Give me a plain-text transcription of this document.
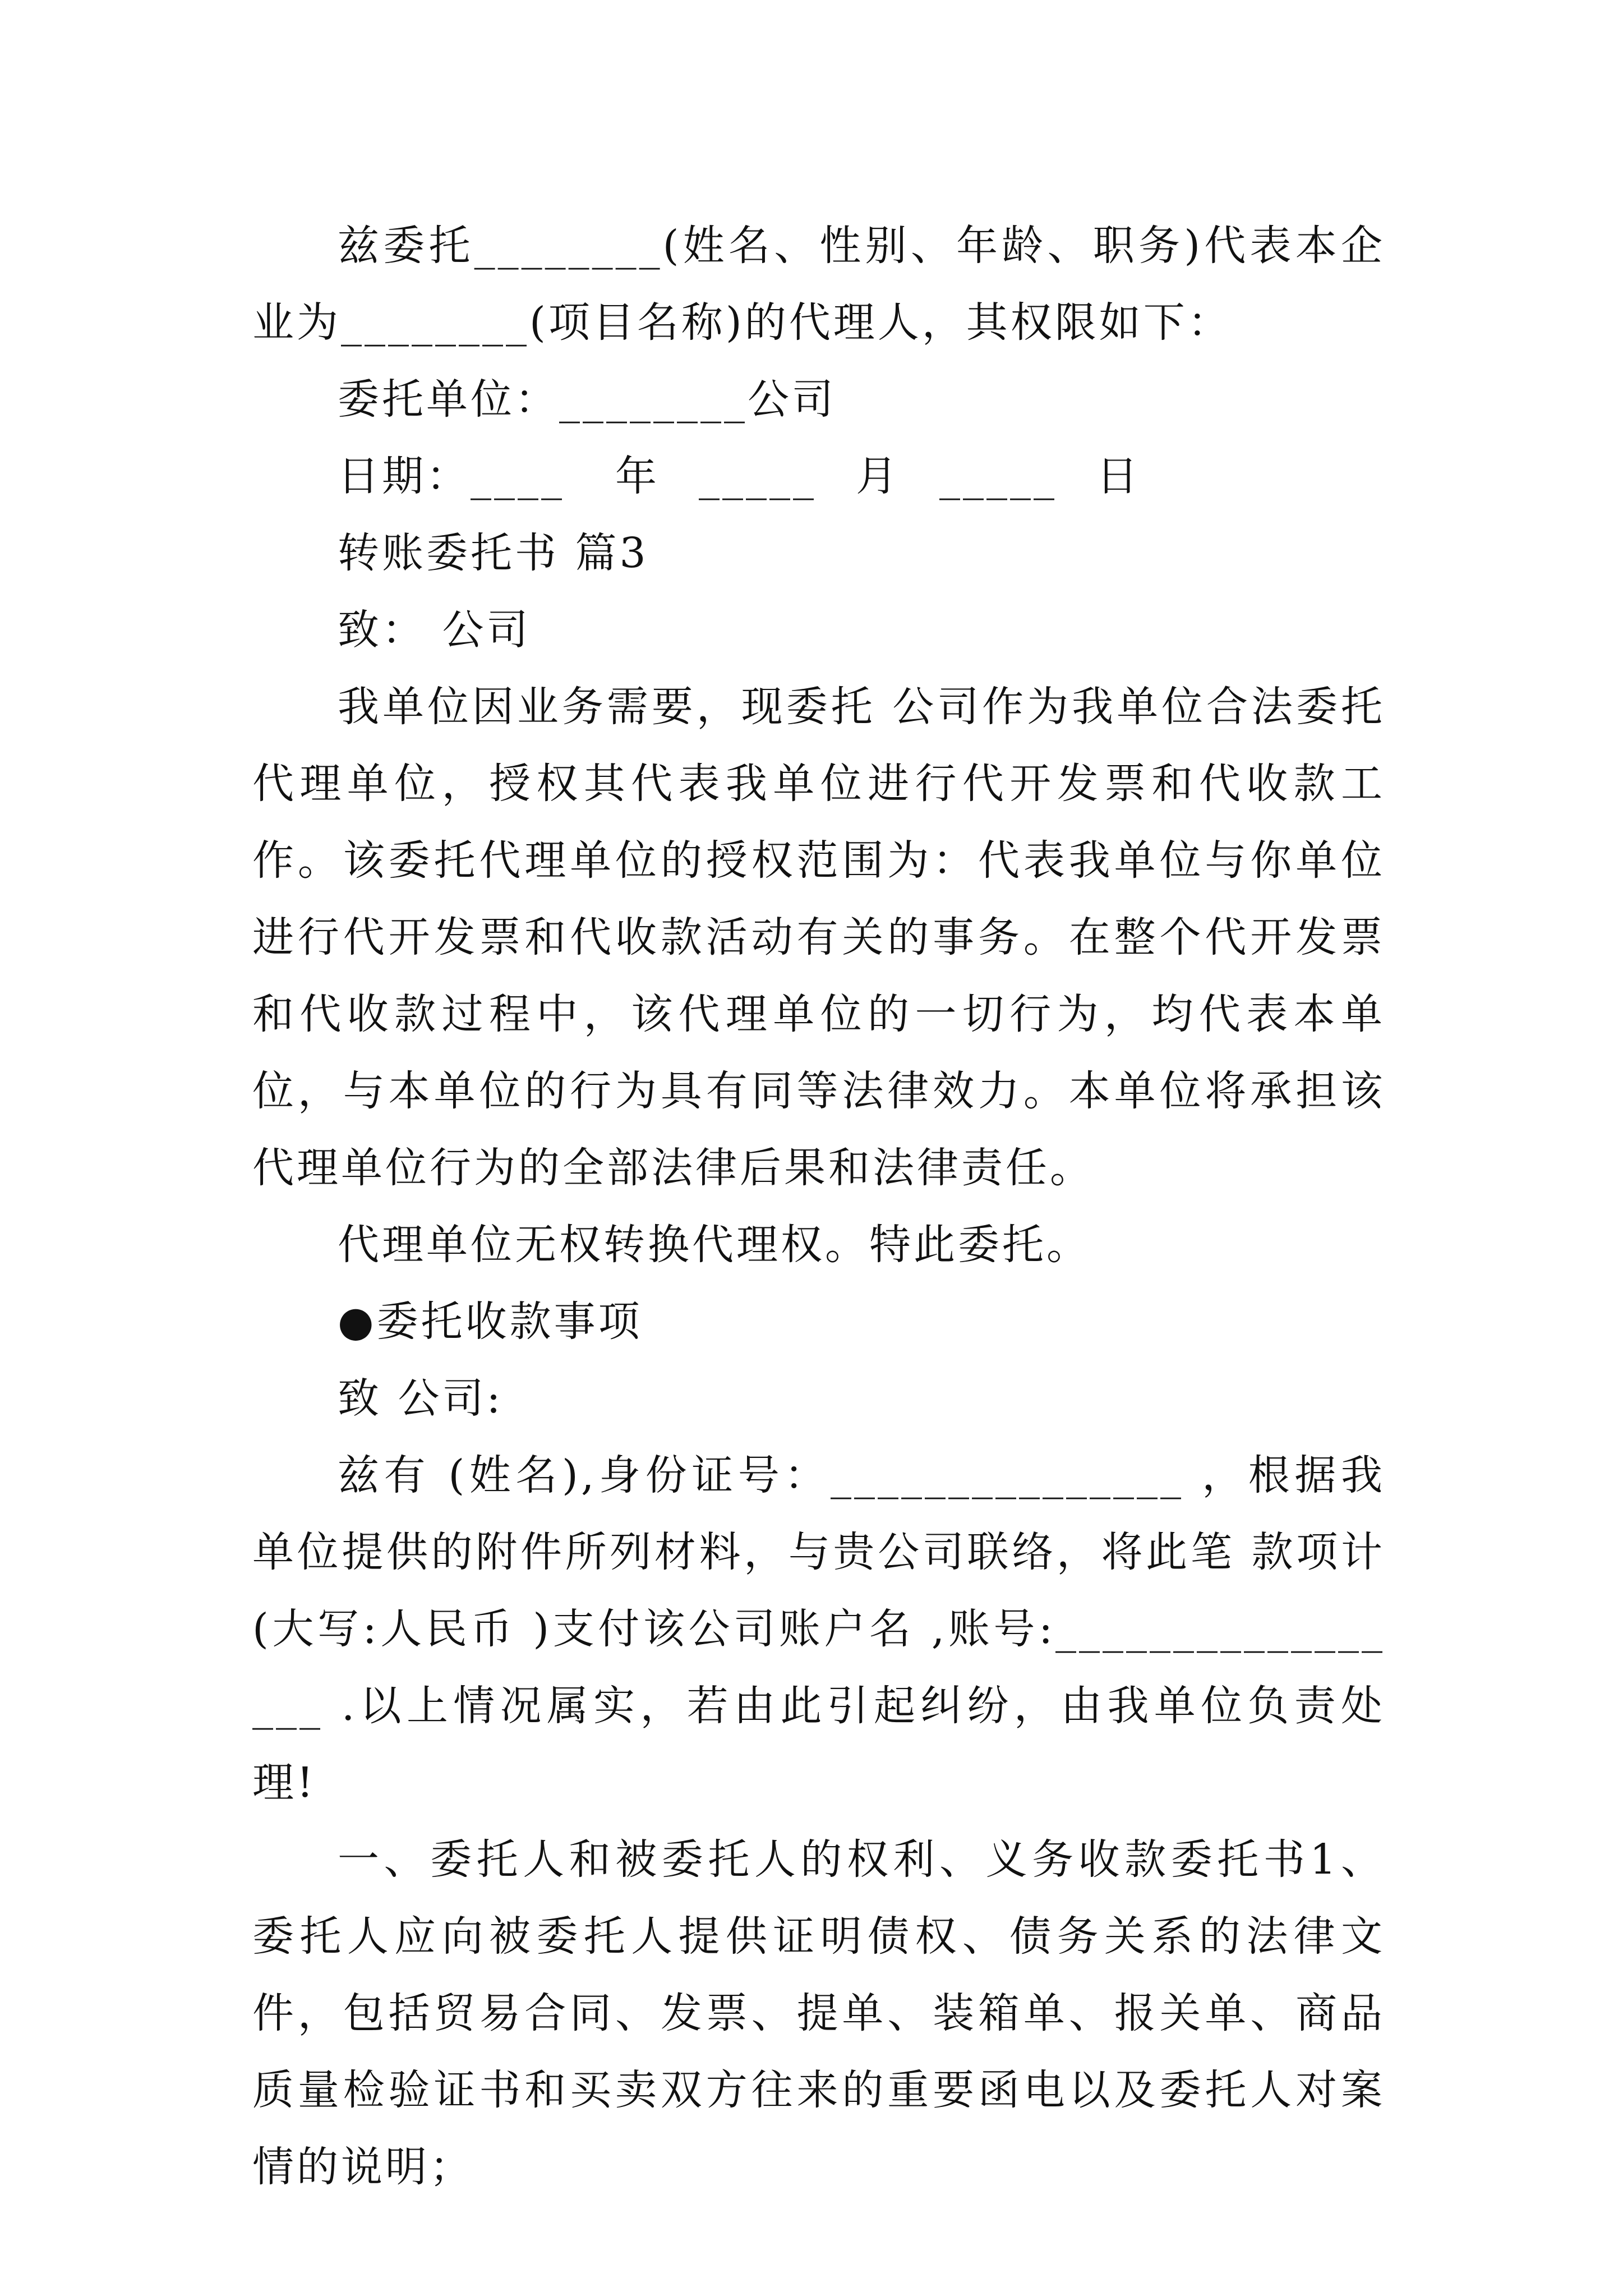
兹委托________(姓名、性别、年龄、职务)代表本企业为________(项目名称)的代理人，其权限如下：

委托单位：________公司

日期：____ 年 _____ 月 _____ 日

转账委托书 篇3

致： 公司

我单位因业务需要，现委托 公司作为我单位合法委托代理单位，授权其代表我单位进行代开发票和代收款工作。该委托代理单位的授权范围为：代表我单位与你单位进行代开发票和代收款活动有关的事务。在整个代开发票和代收款过程中，该代理单位的一切行为，均代表本单位，与本单位的行为具有同等法律效力。本单位将承担该代理单位行为的全部法律后果和法律责任。

代理单位无权转换代理权。特此委托。

●委托收款事项

致 公司:

兹有 (姓名),身份证号：_______________ ，根据我单位提供的附件所列材料，与贵公司联络，将此笔 款项计 (大写:人民币 )支付该公司账户名 ,账号:_________________ .以上情况属实，若由此引起纠纷，由我单位负责处理!

一、委托人和被委托人的权利、义务收款委托书1、委托人应向被委托人提供证明债权、债务关系的法律文件，包括贸易合同、发票、提单、装箱单、报关单、商品质量检验证书和买卖双方往来的重要函电以及委托人对案情的说明；
